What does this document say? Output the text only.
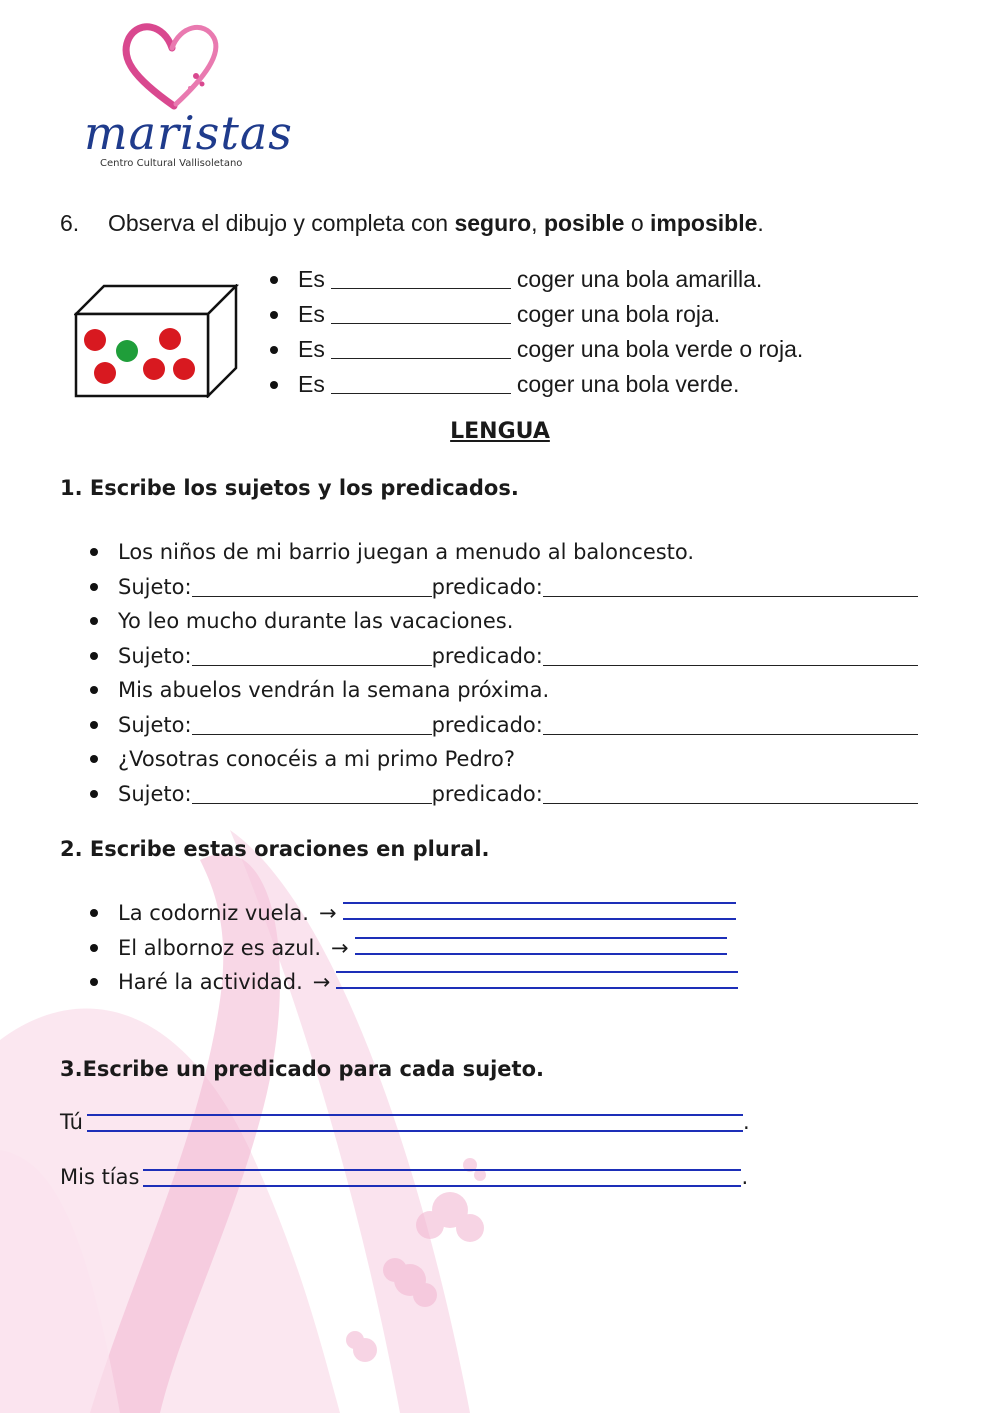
maristas
Centro Cultural Vallisoletano
6. Observa el dibujo y completa con seguro, posible o imposible.
Es	coger una bola amarilla.
Es	coger una bola roja.
Es	coger una bola verde o roja.
Es	coger una bola verde.
LENGUA
1. Escribe los sujetos y los predicados.
Los niños de mi barrio juegan a menudo al baloncesto.
Sujeto:	predicado:
Yo leo mucho durante las vacaciones.
Sujeto:	predicado:
Mis abuelos vendrán la semana próxima.
Sujeto:	predicado:
¿Vosotras conocéis a mi primo Pedro?
Sujeto:	predicado:
2. Escribe estas oraciones en plural.
La codorniz vuela. →
El albornoz es azul. →
Haré la actividad. →
3.Escribe un predicado para cada sujeto.
Tú	.
Mis tías	.
